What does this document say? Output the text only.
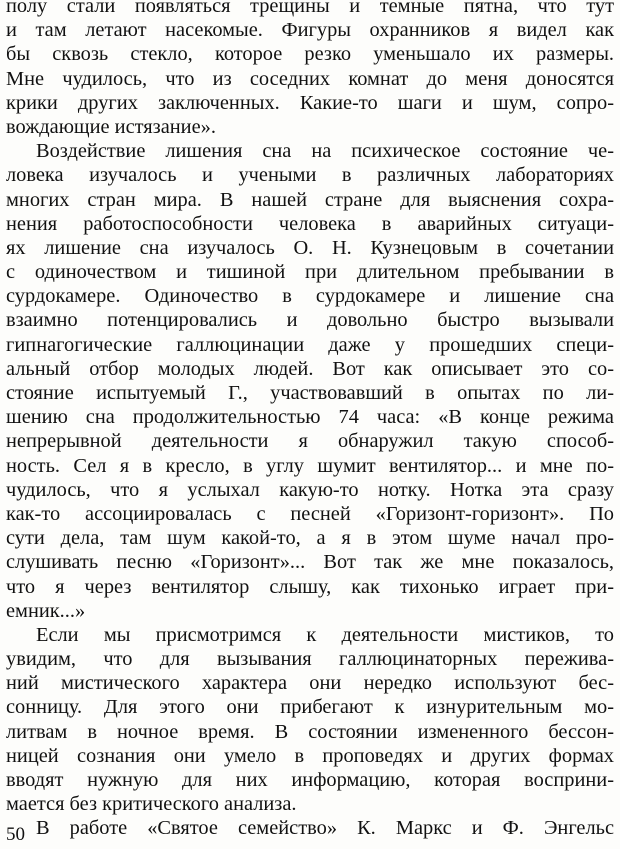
полу стали появляться трещины и темные пятна, что тут
и там летают насекомые. Фигуры охранников я видел как
бы сквозь стекло, которое резко уменьшало их размеры.
Мне чудилось, что из соседних комнат до меня доносятся
крики других заключенных. Какие-то шаги и шум, сопро-
вождающие истязание».
Воздействие лишения сна на психическое состояние че-
ловека изучалось и учеными в различных лабораториях
многих стран мира. В нашей стране для выяснения сохра-
нения работоспособности человека в аварийных ситуаци-
ях лишение сна изучалось О. Н. Кузнецовым в сочетании
с одиночеством и тишиной при длительном пребывании в
сурдокамере. Одиночество в сурдокамере и лишение сна
взаимно потенцировались и довольно быстро вызывали
гипнагогические галлюцинации даже у прошедших специ-
альный отбор молодых людей. Вот как описывает это со-
стояние испытуемый Г., участвовавший в опытах по ли-
шению сна продолжительностью 74 часа: «В конце режима
непрерывной деятельности я обнаружил такую способ-
ность. Сел я в кресло, в углу шумит вентилятор... и мне по-
чудилось, что я услыхал какую-то нотку. Нотка эта сразу
как-то ассоциировалась с песней «Горизонт-горизонт». По
сути дела, там шум какой-то, а я в этом шуме начал про-
слушивать песню «Горизонт»... Вот так же мне показалось,
что я через вентилятор слышу, как тихонько играет при-
емник...»
Если мы присмотримся к деятельности мистиков, то
увидим, что для вызывания галлюцинаторных пережива-
ний мистического характера они нередко используют бес-
сонницу. Для этого они прибегают к изнурительным мо-
литвам в ночное время. В состоянии измененного бессон-
ницей сознания они умело в проповедях и других формах
вводят нужную для них информацию, которая восприни-
мается без критического анализа.
В работе «Святое семейство» К. Маркс и Ф. Энгельс
50
